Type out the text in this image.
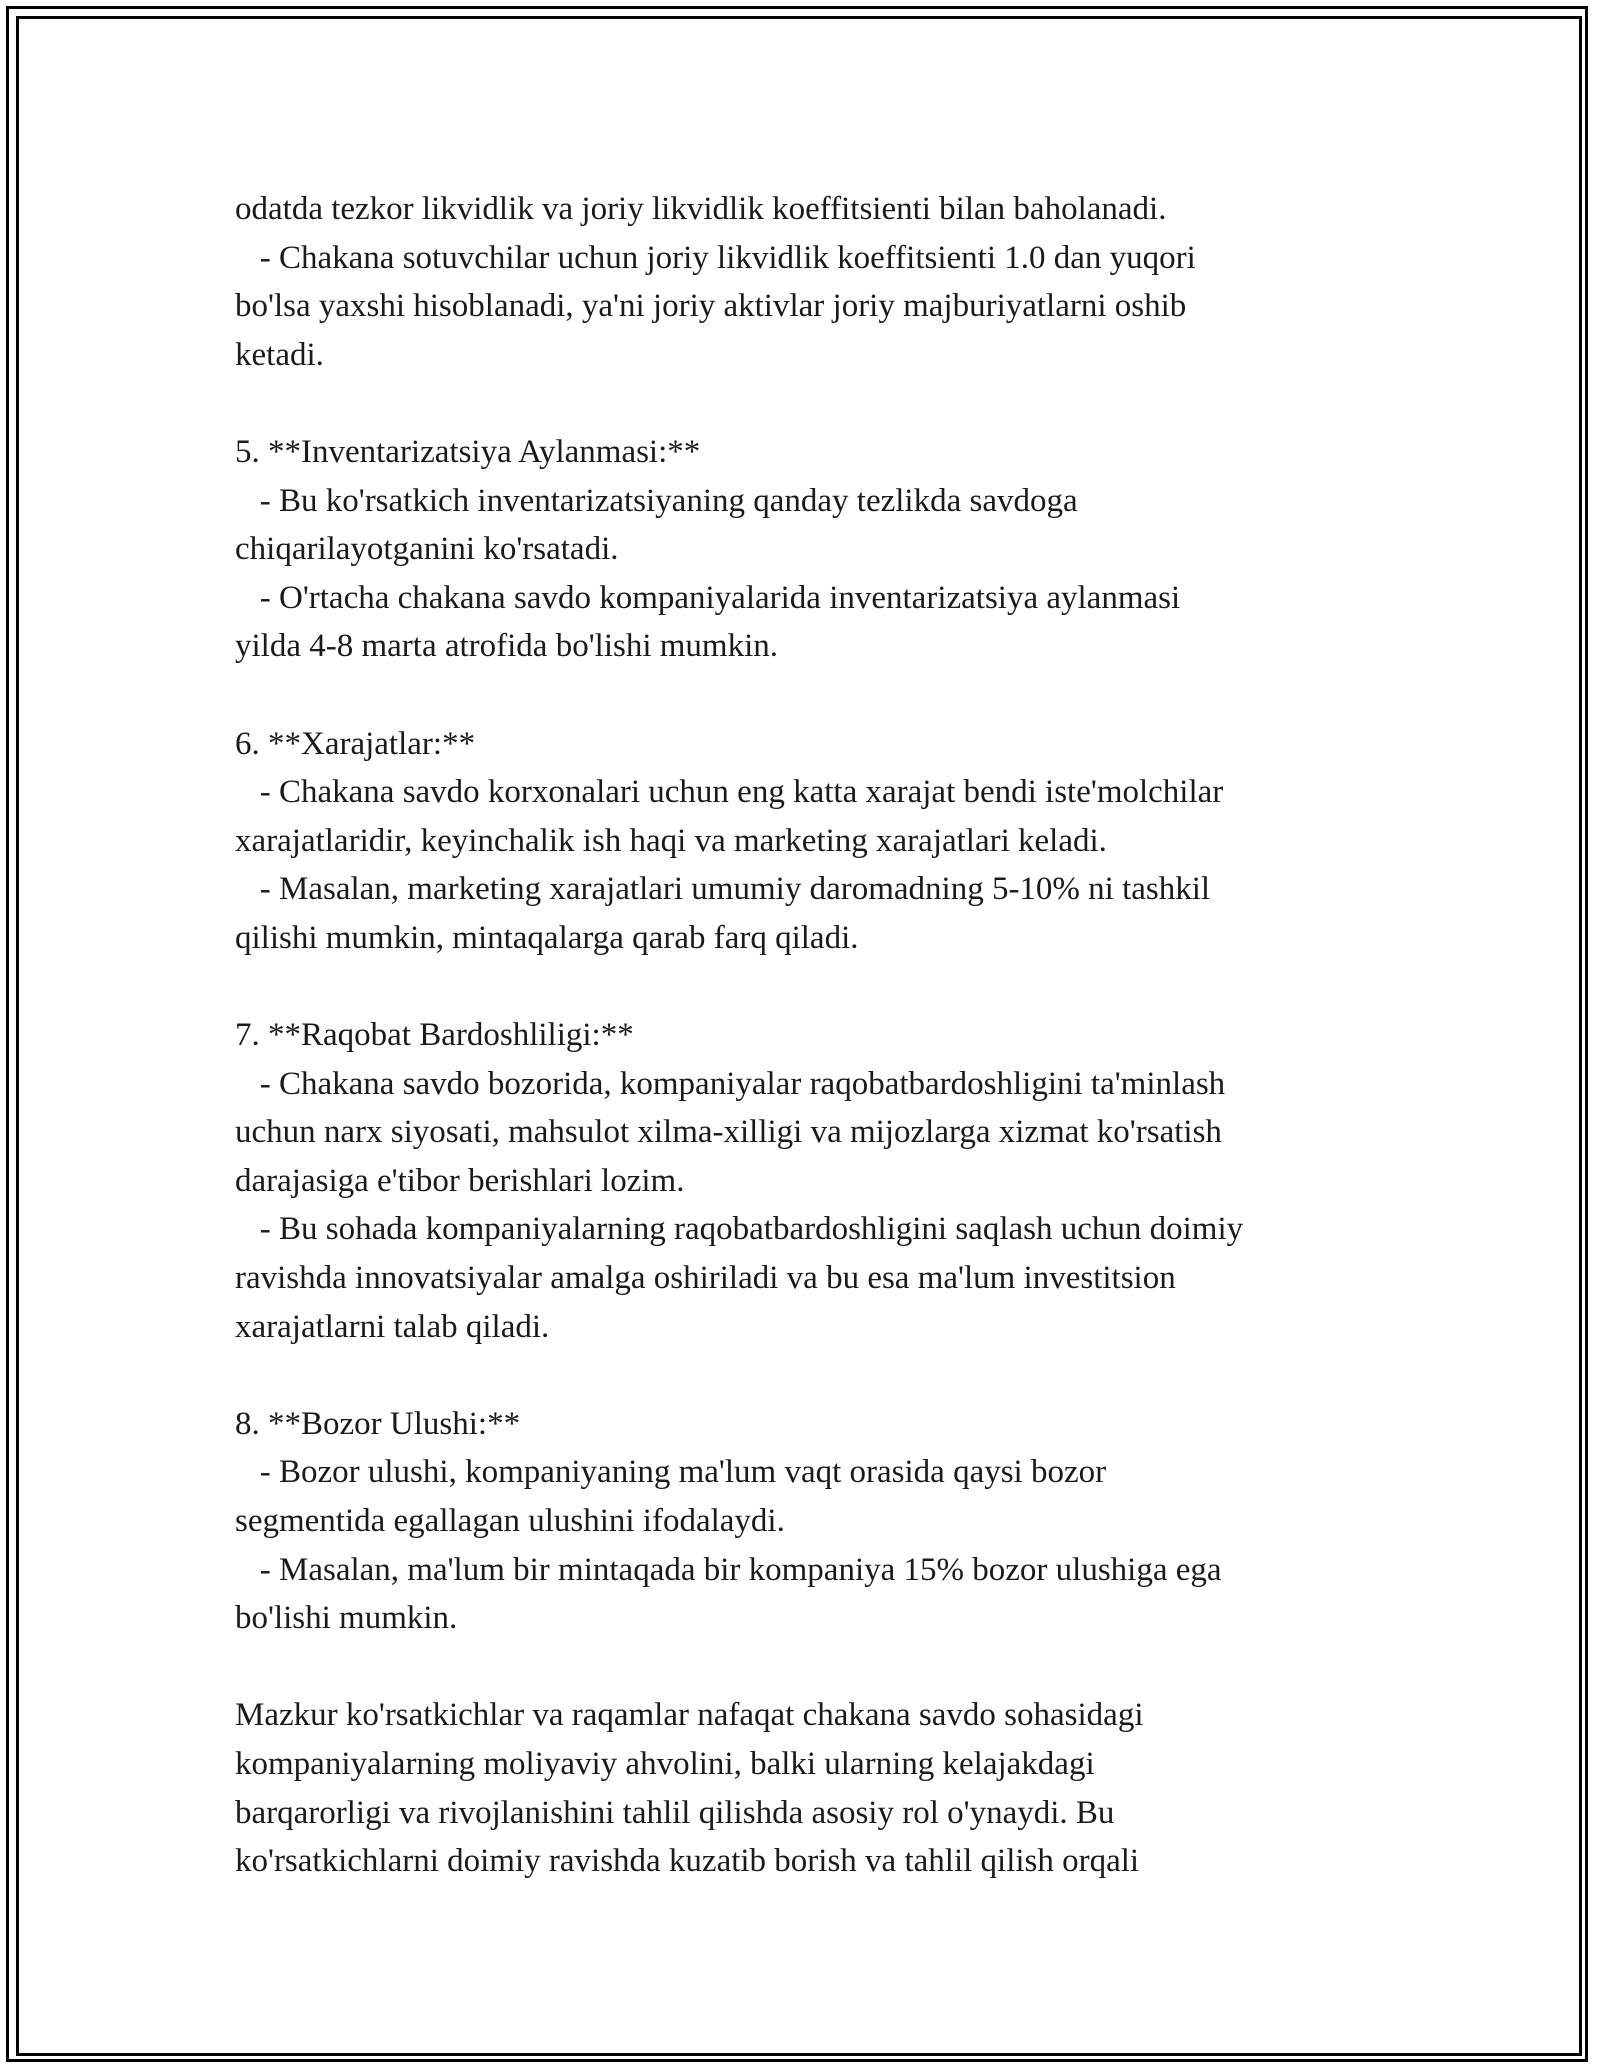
odatda tezkor likvidlik va joriy likvidlik koeffitsienti bilan baholanadi.
- Chakana sotuvchilar uchun joriy likvidlik koeffitsienti 1.0 dan yuqori
bo'lsa yaxshi hisoblanadi, ya'ni joriy aktivlar joriy majburiyatlarni oshib
ketadi.
5. **Inventarizatsiya Aylanmasi:**
- Bu ko'rsatkich inventarizatsiyaning qanday tezlikda savdoga
chiqarilayotganini ko'rsatadi.
- O'rtacha chakana savdo kompaniyalarida inventarizatsiya aylanmasi
yilda 4-8 marta atrofida bo'lishi mumkin.
6. **Xarajatlar:**
- Chakana savdo korxonalari uchun eng katta xarajat bendi iste'molchilar
xarajatlaridir, keyinchalik ish haqi va marketing xarajatlari keladi.
- Masalan, marketing xarajatlari umumiy daromadning 5-10% ni tashkil
qilishi mumkin, mintaqalarga qarab farq qiladi.
7. **Raqobat Bardoshliligi:**
- Chakana savdo bozorida, kompaniyalar raqobatbardoshligini ta'minlash
uchun narx siyosati, mahsulot xilma-xilligi va mijozlarga xizmat ko'rsatish
darajasiga e'tibor berishlari lozim.
- Bu sohada kompaniyalarning raqobatbardoshligini saqlash uchun doimiy
ravishda innovatsiyalar amalga oshiriladi va bu esa ma'lum investitsion
xarajatlarni talab qiladi.
8. **Bozor Ulushi:**
- Bozor ulushi, kompaniyaning ma'lum vaqt orasida qaysi bozor
segmentida egallagan ulushini ifodalaydi.
- Masalan, ma'lum bir mintaqada bir kompaniya 15% bozor ulushiga ega
bo'lishi mumkin.
Mazkur ko'rsatkichlar va raqamlar nafaqat chakana savdo sohasidagi
kompaniyalarning moliyaviy ahvolini, balki ularning kelajakdagi
barqarorligi va rivojlanishini tahlil qilishda asosiy rol o'ynaydi. Bu
ko'rsatkichlarni doimiy ravishda kuzatib borish va tahlil qilish orqali
